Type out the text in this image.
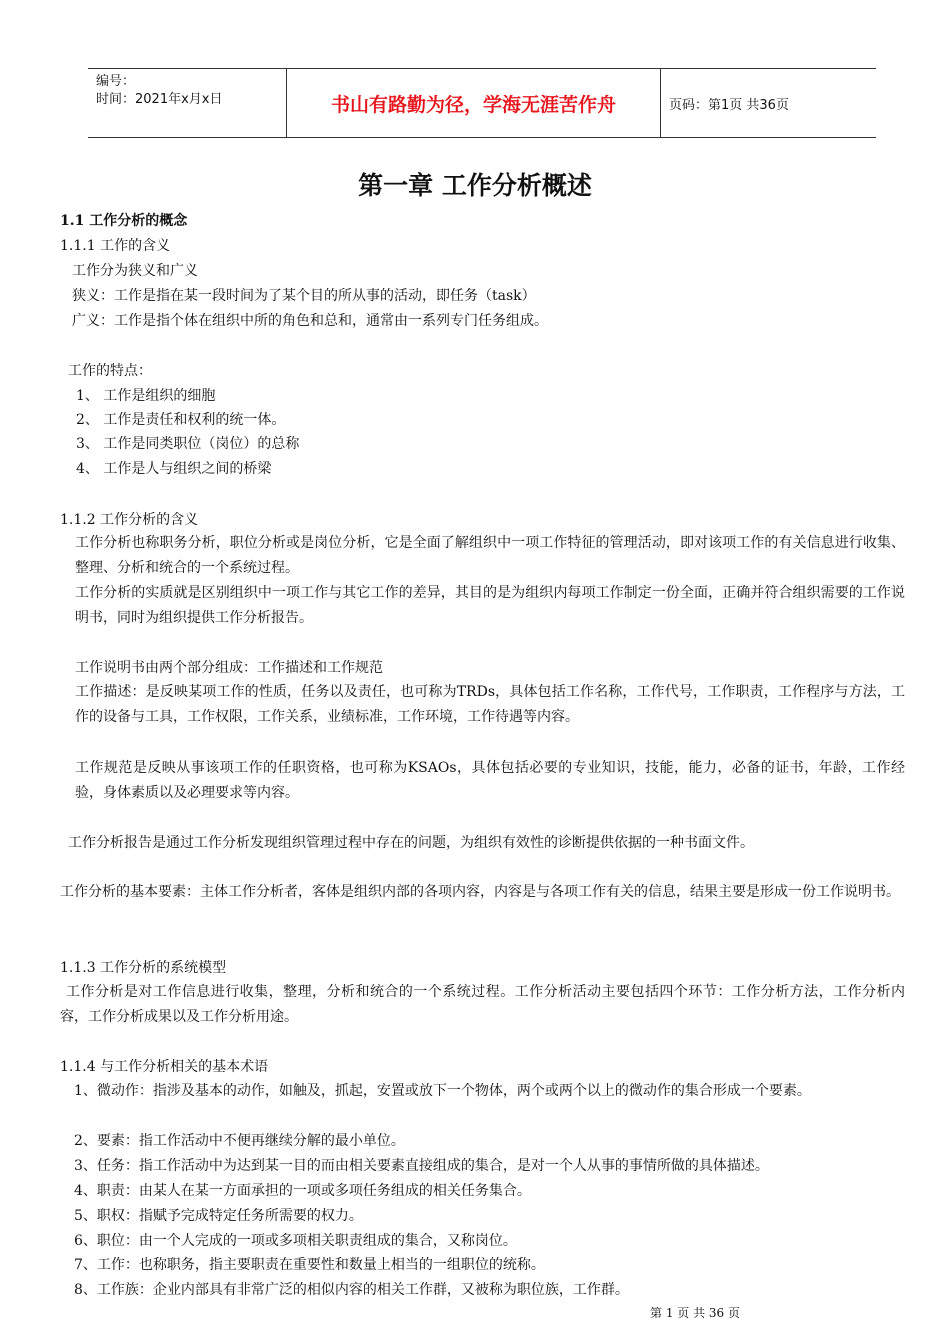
编号：
时间：2021年x月x日	书山有路勤为径，学海无涯苦作舟	页码：第1页 共36页
第一章 工作分析概述
1.1 工作分析的概念
1.1.1 工作的含义
工作分为狭义和广义
狭义：工作是指在某一段时间为了某个目的所从事的活动，即任务（task）
广义：工作是指个体在组织中所的角色和总和，通常由一系列专门任务组成。
工作的特点：
1、 工作是组织的细胞
2、 工作是责任和权利的统一体。
3、 工作是同类职位（岗位）的总称
4、 工作是人与组织之间的桥梁
1.1.2 工作分析的含义
工作分析也称职务分析，职位分析或是岗位分析，它是全面了解组织中一项工作特征的管理活动，即对该项工作的有关信息进行收集、整理、分析和统合的一个系统过程。
工作分析的实质就是区别组织中一项工作与其它工作的差异，其目的是为组织内每项工作制定一份全面，正确并符合组织需要的工作说明书，同时为组织提供工作分析报告。
工作说明书由两个部分组成：工作描述和工作规范
工作描述：是反映某项工作的性质，任务以及责任，也可称为TRDs，具体包括工作名称，工作代号，工作职责，工作程序与方法，工作的设备与工具，工作权限，工作关系，业绩标准，工作环境，工作待遇等内容。
工作规范是反映从事该项工作的任职资格，也可称为KSAOs，具体包括必要的专业知识，技能，能力，必备的证书，年龄，工作经验，身体素质以及必理要求等内容。
工作分析报告是通过工作分析发现组织管理过程中存在的问题，为组织有效性的诊断提供依据的一种书面文件。
工作分析的基本要素：主体工作分析者，客体是组织内部的各项内容，内容是与各项工作有关的信息，结果主要是形成一份工作说明书。
1.1.3 工作分析的系统模型
工作分析是对工作信息进行收集，整理，分析和统合的一个系统过程。工作分析活动主要包括四个环节：工作分析方法，工作分析内容，工作分析成果以及工作分析用途。
1.1.4 与工作分析相关的基本术语
1、微动作：指涉及基本的动作，如触及，抓起，安置或放下一个物体，两个或两个以上的微动作的集合形成一个要素。
2、要素：指工作活动中不便再继续分解的最小单位。
3、任务：指工作活动中为达到某一目的而由相关要素直接组成的集合，是对一个人从事的事情所做的具体描述。
4、职责：由某人在某一方面承担的一项或多项任务组成的相关任务集合。
5、职权：指赋予完成特定任务所需要的权力。
6、职位：由一个人完成的一项或多项相关职责组成的集合，又称岗位。
7、工作：也称职务，指主要职责在重要性和数量上相当的一组职位的统称。
8、工作族：企业内部具有非常广泛的相似内容的相关工作群，又被称为职位族，工作群。
第 1 页 共 36 页
